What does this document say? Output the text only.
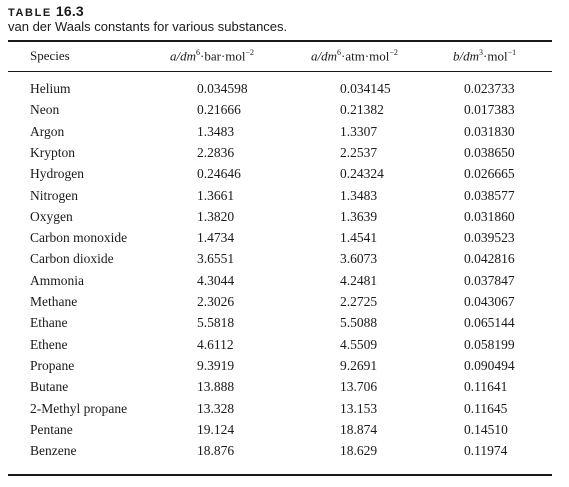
TABLE 16.3
van der Waals constants for various substances.
Species	$a/dm^6\cdot bar\cdot mol^{-2}$	$a/dm^6\cdot atm\cdot mol^{-2}$	$b/dm^3\cdot mol^{-1}$
Helium	0.034598	0.034145	0.023733
Neon	0.21666	0.21382	0.017383
Argon	1.3483	1.3307	0.031830
Krypton	2.2836	2.2537	0.038650
Hydrogen	0.24646	0.24324	0.026665
Nitrogen	1.3661	1.3483	0.038577
Oxygen	1.3820	1.3639	0.031860
Carbon monoxide	1.4734	1.4541	0.039523
Carbon dioxide	3.6551	3.6073	0.042816
Ammonia	4.3044	4.2481	0.037847
Methane	2.3026	2.2725	0.043067
Ethane	5.5818	5.5088	0.065144
Ethene	4.6112	4.5509	0.058199
Propane	9.3919	9.2691	0.090494
Butane	13.888	13.706	0.11641
2-Methyl propane	13.328	13.153	0.11645
Pentane	19.124	18.874	0.14510
Benzene	18.876	18.629	0.11974
